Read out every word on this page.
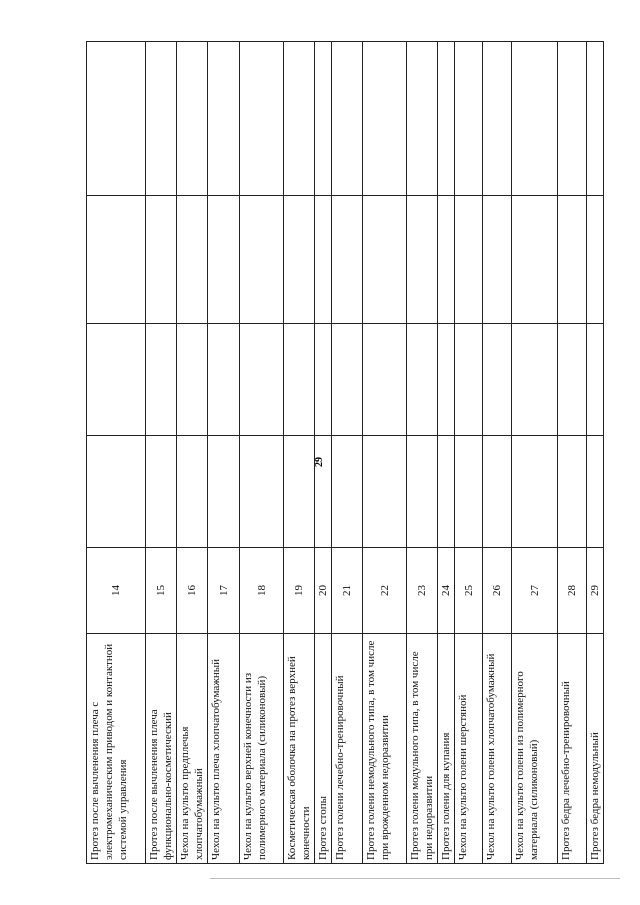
29
Протез после вычленения плеча с электромеханическим приводом и контактной системой управления	14				
Протез после вычленения плеча функционально-косметический	15				
Чехол на культю предплечья хлопчатобумажный	16				
Чехол на культю плеча хлопчатобумажный	17				
Чехол на культю верхней конечности из полимерного материала (силиконовый)	18				
Косметическая оболочка на протез верхней конечности	19				
Протез стопы	20				
Протез голени лечебно-тренировочный	21				
Протез голени немодульного типа, в том числе при врожденном недоразвитии	22				
Протез голени модульного типа, в том числе при недоразвитии	23				
Протез голени для купания	24				
Чехол на культю голени шерстяной	25				
Чехол на культю голени хлопчатобумажный	26				
Чехол на культю голени из полимерного материала (силиконовый)	27				
Протез бедра лечебно-тренировочный	28				
Протез бедра немодульный	29				
